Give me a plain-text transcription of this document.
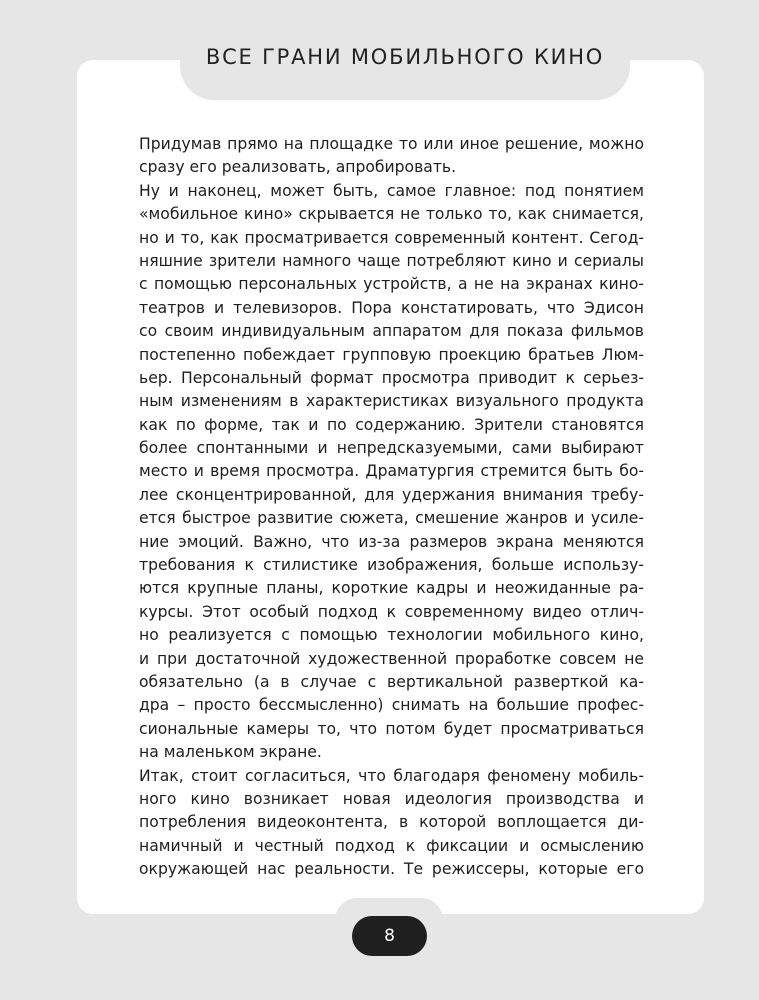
ВСЕ ГРАНИ МОБИЛЬНОГО КИНО
Придумав прямо на площадке то или иное решение, можно
сразу его реализовать, апробировать.
Ну и наконец, может быть, самое главное: под понятием
«мобильное кино» скрывается не только то, как снимается,
но и то, как просматривается современный контент. Сегод-
няшние зрители намного чаще потребляют кино и сериалы
с помощью персональных устройств, а не на экранах кино-
театров и телевизоров. Пора констатировать, что Эдисон
со своим индивидуальным аппаратом для показа фильмов
постепенно побеждает групповую проекцию братьев Люм-
ьер. Персональный формат просмотра приводит к серьез-
ным изменениям в характеристиках визуального продукта
как по форме, так и по содержанию. Зрители становятся
более спонтанными и непредсказуемыми, сами выбирают
место и время просмотра. Драматургия стремится быть бо-
лее сконцентрированной, для удержания внимания требу-
ется быстрое развитие сюжета, смешение жанров и усиле-
ние эмоций. Важно, что из-за размеров экрана меняются
требования к стилистике изображения, больше использу-
ются крупные планы, короткие кадры и неожиданные ра-
курсы. Этот особый подход к современному видео отлич-
но реализуется с помощью технологии мобильного кино,
и при достаточной художественной проработке совсем не
обязательно (а в случае с вертикальной разверткой ка-
дра – просто бессмысленно) снимать на большие профес-
сиональные камеры то, что потом будет просматриваться
на маленьком экране.
Итак, стоит согласиться, что благодаря феномену мобиль-
ного кино возникает новая идеология производства и
потребления видеоконтента, в которой воплощается ди-
намичный и честный подход к фиксации и осмыслению
окружающей нас реальности. Те режиссеры, которые его
8
